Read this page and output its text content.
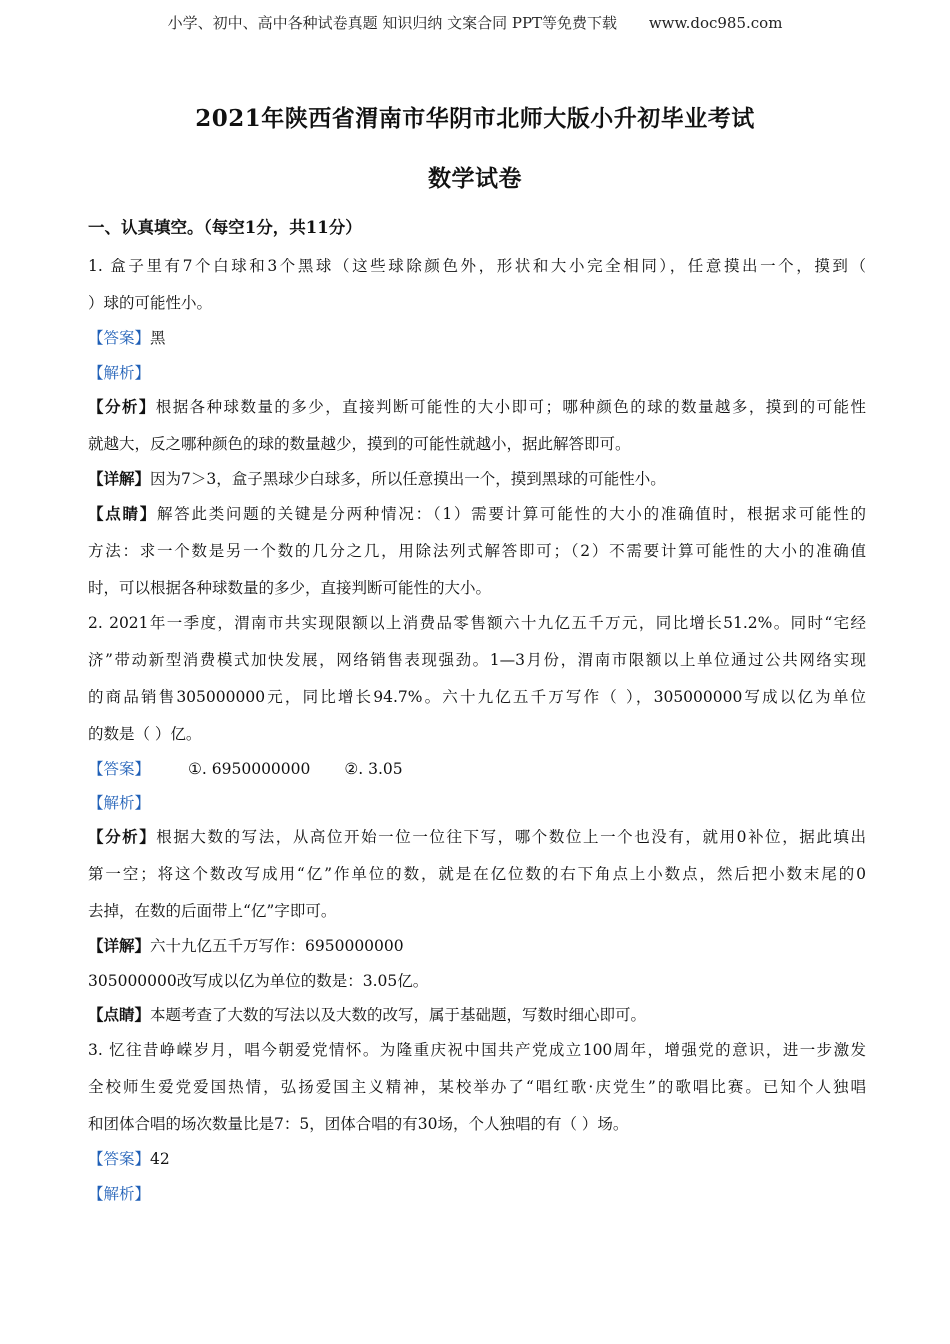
小学、初中、高中各种试卷真题 知识归纳 文案合同 PPT等免费下载 www.doc985.com
2021年陕西省渭南市华阴市北师大版小升初毕业考试
数学试卷
一、认真填空。（每空1分，共11分）
1. 盒子里有7个白球和3个黑球（这些球除颜色外，形状和大小完全相同），任意摸出一个，摸到（
）球的可能性小。
【答案】黑
【解析】
【分析】根据各种球数量的多少，直接判断可能性的大小即可；哪种颜色的球的数量越多，摸到的可能性
就越大，反之哪种颜色的球的数量越少，摸到的可能性就越小，据此解答即可。
【详解】因为7＞3，盒子黑球少白球多，所以任意摸出一个，摸到黑球的可能性小。
【点睛】解答此类问题的关键是分两种情况：（1）需要计算可能性的大小的准确值时，根据求可能性的
方法：求一个数是另一个数的几分之几，用除法列式解答即可；（2）不需要计算可能性的大小的准确值
时，可以根据各种球数量的多少，直接判断可能性的大小。
2. 2021年一季度，渭南市共实现限额以上消费品零售额六十九亿五千万元，同比增长51.2%。同时“宅经
济”带动新型消费模式加快发展，网络销售表现强劲。1—3月份，渭南市限额以上单位通过公共网络实现
的商品销售305000000元，同比增长94.7%。六十九亿五千万写作（ ），305000000写成以亿为单位
的数是（ ）亿。
【答案】 ①. 6950000000 ②. 3.05
【解析】
【分析】根据大数的写法，从高位开始一位一位往下写，哪个数位上一个也没有，就用0补位，据此填出
第一空；将这个数改写成用“亿”作单位的数，就是在亿位数的右下角点上小数点，然后把小数末尾的0
去掉，在数的后面带上“亿”字即可。
【详解】六十九亿五千万写作：6950000000
305000000改写成以亿为单位的数是：3.05亿。
【点睛】本题考查了大数的写法以及大数的改写，属于基础题，写数时细心即可。
3. 忆往昔峥嵘岁月，唱今朝爱党情怀。为隆重庆祝中国共产党成立100周年，增强党的意识，进一步激发
全校师生爱党爱国热情，弘扬爱国主义精神，某校举办了“唱红歌·庆党生”的歌唱比赛。已知个人独唱
和团体合唱的场次数量比是7：5，团体合唱的有30场，个人独唱的有（ ）场。
【答案】42
【解析】
